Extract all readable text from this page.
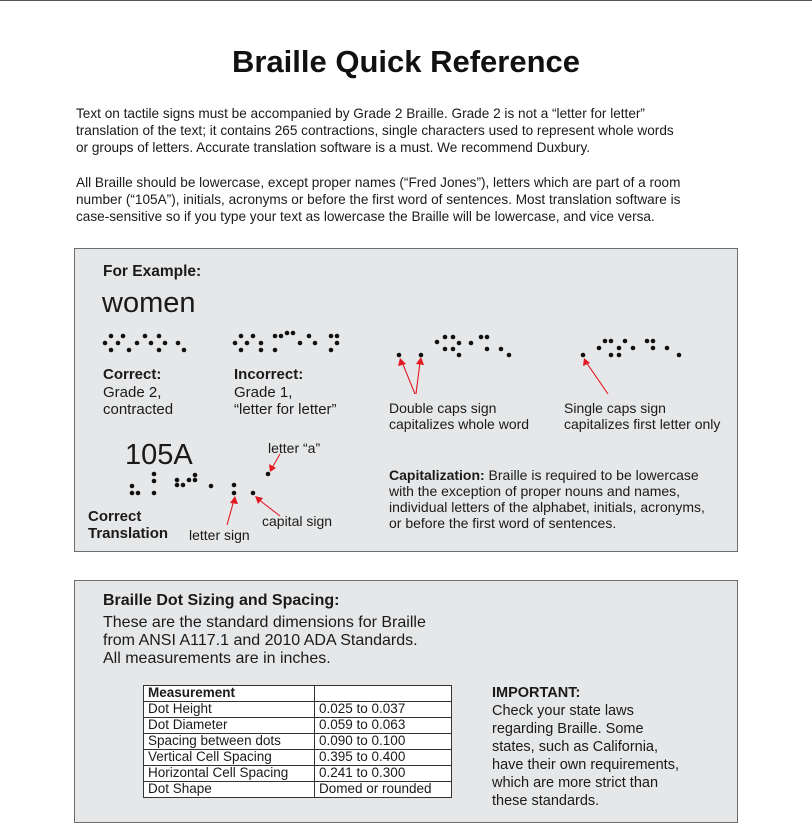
Braille Quick Reference
Text on tactile signs must be accompanied by Grade 2 Braille. Grade 2 is not a “letter for letter”
translation of the text; it contains 265 contractions, single characters used to represent whole words
or groups of letters. Accurate translation software is a must. We recommend Duxbury.
All Braille should be lowercase, except proper names (“Fred Jones”), letters which are part of a room
number (“105A”), initials, acronyms or before the first word of sentences. Most translation software is
case-sensitive so if you type your text as lowercase the Braille will be lowercase, and vice versa.
For Example:
women
Correct:
Grade 2,
contracted
Incorrect:
Grade 1,
“letter for letter”	Double caps sign
capitalizes whole word
Single caps sign
capitalizes first letter only
105A	letter “a”
capital sign
letter sign
Correct
Translation
Capitalization: Braille is required to be lowercase
with the exception of proper nouns and names,
individual letters of the alphabet, initials, acronyms,
or before the first word of sentences.
Braille Dot Sizing and Spacing:
These are the standard dimensions for Braille
from ANSI A117.1 and 2010 ADA Standards.
All measurements are in inches.
Measurement	
Dot Height	0.025 to 0.037
Dot Diameter	0.059 to 0.063
Spacing between dots	0.090 to 0.100
Vertical Cell Spacing	0.395 to 0.400
Horizontal Cell Spacing	0.241 to 0.300
Dot Shape	Domed or rounded
IMPORTANT:
Check your state laws
regarding Braille. Some
states, such as California,
have their own requirements,
which are more strict than
these standards.
